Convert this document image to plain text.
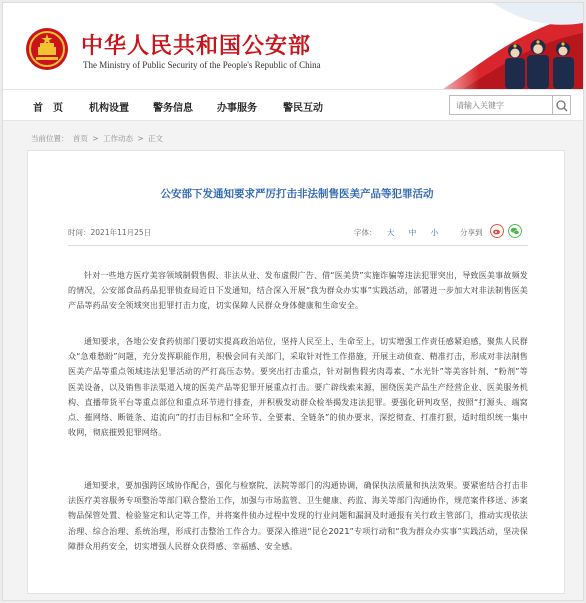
中华人民共和国公安部
The Ministry of Public Security of the People's Republic of China
首　页	机构设置 警务信息 办事服务	警民互动
请输入关键字
当前位置： 首页 > 工作动态 > 正文
公安部下发通知要求严厉打击非法制售医美产品等犯罪活动
时间：2021年11月25日	字体： 大 中 小	分享到

针对一些地方医疗美容领域制假售假、非法从业、发布虚假广告、借“医美贷”实施诈骗等违法犯罪突出，导致医美事故频发的情况，公安部食品药品犯罪侦查局近日下发通知，结合深入开展“我为群众办实事”实践活动，部署进一步加大对非法制售医美产品等药品安全领域突出犯罪打击力度，切实保障人民群众身体健康和生命安全。

通知要求，各地公安食药侦部门要切实提高政治站位，坚持人民至上、生命至上，切实增强工作责任感紧迫感，聚焦人民群众“急难愁盼”问题，充分发挥职能作用，积极会同有关部门，采取针对性工作措施，开展主动侦查、精准打击，形成对非法制售医美产品等重点领域违法犯罪活动的严打高压态势。要突出打击重点，针对制售假劣肉毒素、“水光针”等美容针剂、“粉剂”等医美设备，以及销售非法渠道入境的医美产品等犯罪开展重点打击。要广辟线索来源，围绕医美产品生产经营企业、医美服务机构、直播带货平台等重点部位和重点环节进行排查，并积极发动群众检举揭发违法犯罪。要强化研判攻坚，按照“打源头、端窝点、摧网络、断链条、追流向”的打击目标和“全环节、全要素、全链条”的侦办要求，深挖彻查、打准打狠，适时组织统一集中收网，彻底摧毁犯罪网络。

通知要求，要加强跨区域协作配合，强化与检察院、法院等部门的沟通协调，确保执法质量和执法效果。要紧密结合打击非法医疗美容服务专项整治等部门联合整治工作，加强与市场监管、卫生健康、药监、海关等部门沟通协作，规范案件移送、涉案物品保管处置、检验鉴定和认定等工作，并将案件侦办过程中发现的行业问题和漏洞及时通报有关行政主管部门，推动实现依法治理、综合治理、系统治理，形成打击整治工作合力。要深入推进“昆仑2021”专项行动和“我为群众办实事”实践活动，坚决保障群众用药安全，切实增强人民群众获得感、幸福感、安全感。
